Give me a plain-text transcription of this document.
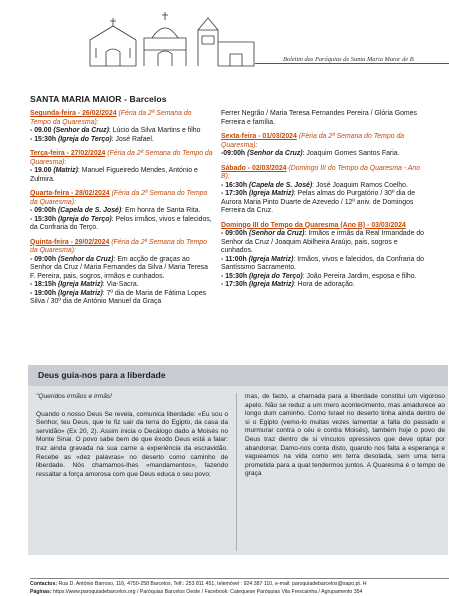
Boletim das Paróquias de Santa Maria Maior de B
SANTA MARIA MAIOR - Barcelos
Segunda-feira - 26/02/2024 (Féria da 2ª Semana do Tempo da Quaresma):
- 09.00 (Senhor da Cruz): Lúcio da Silva Martins e filho
- 15:30h (Igreja do Terço): José Rafael.
Terça-feira - 27/02/2024 (Féria da 2ª Semana do Tempo da Quaresma):
- 19.00 (Matriz): Manuel Figueiredo Mendes, António e Zulmira.
Quarta-feira - 28/02/2024 (Féria da 2ª Semana do Tempo da Quaresma):
- 09:00h (Capela de S. José): Em honra de Santa Rita.
- 15:30h (Igreja do Terço): Pelos irmãos, vivos e falecidos, da Confraria do Terço.
Quinta-feira - 29/02/2024 (Féria da 2ª Semana do Tempo da Quaresma):
- 09:00h (Senhor da Cruz): Em acção de graças ao Senhor da Cruz / Maria Fernandes da Silva / Maria Teresa F. Pereira, pais, sogros, irmãos e cunhados.
- 18:15h (Igreja Matriz): Via-Sacra.
- 19:00h (Igreja Matriz): 7º dia de Maria de Fátima Lopes Silva / 30º dia de António Manuel da Graça
Ferrer Negrão / Maria Teresa Fernandes Pereira / Glória Gomes Ferreira e família.
Sexta-feira - 01/03/2024 (Féria da 2ª Semana do Tempo da Quaresma):
-09:00h (Senhor da Cruz): Joaquim Gomes Santos Faria.
Sábado - 02/03/2024 (Domingo III do Tempo da Quaresma - Ano B):
- 16:30h (Capela de S. José): José Joaquim Ramos Coelho.
- 17:30h (Igreja Matriz): Pelas almas do Purgatório / 30º dia de Aurora Maria Pinto Duarte de Azevedo / 12º aniv. de Domingos Ferreira da Cruz.
Domingo III do Tempo da Quaresma (Ano B) - 03/03/2024
- 09:00h (Senhor da Cruz): Irmãos e irmãs da Real Irmandade do Senhor da Cruz / Joaquim Abilheira Araújo, pais, sogros e cunhados.
- 11:00h (Igreja Matriz): Irmãos, vivos e falecidos, da Confraria do Santíssimo Sacramento.
- 15:30h (Igreja do Terço): João Pereira Jardim, esposa e filho.
- 17:30h (Igreja Matriz): Hora de adoração.
Deus guia-nos para a liberdade
"Queridos irmãos e irmãs!
Quando o nosso Deus Se revela, comunica liberdade: «Eu sou o Senhor, teu Deus, que te fiz sair da terra do Egipto, da casa da servidão» (Ex 20, 2). Assim inicia o Decálogo dado a Moisés no Monte Sinai. O povo sabe bem de que êxodo Deus está a falar: traz ainda gravada na sua carne a experiência da escravidão. Recebe as «dez palavras» no deserto como caminho de liberdade. Nós chamamos-lhes «mandamentos», fazendo ressaltar a força amorosa com que Deus educa o seu povo;
mas, de facto, a chamada para a liberdade constitui um vigoroso apelo. Não se reduz a um mero acontecimento, mas amadurece ao longo dum caminho. Como Israel no deserto tinha ainda dentro de si o Egipto (vemo-lo muitas vezes lamentar a falta do passado e murmurar contra o céu e contra Moisés), também hoje o povo de Deus traz dentro de si vínculos opressivos que deve optar por abandonar. Damo-nos conta disto, quando nos falta a esperança e vagueamos na vida como em terra desolada, sem uma terra prometida para a qual tendermos juntos. A Quaresma é o tempo de graça
Contactos: Rua D. António Barroso, 116, 4750-258 Barcelos, Telf.: 253 811 451, telemóvel : 924 387 110, e-mail: paroquiadebarcelos@sapo.pt. H
Páginas: https://www.paroquiadebarcelos.org / Paróquias Barcelos Oeste / Facebook: Catequese Paróquias Vila Frescainha / Agrupamento 354
